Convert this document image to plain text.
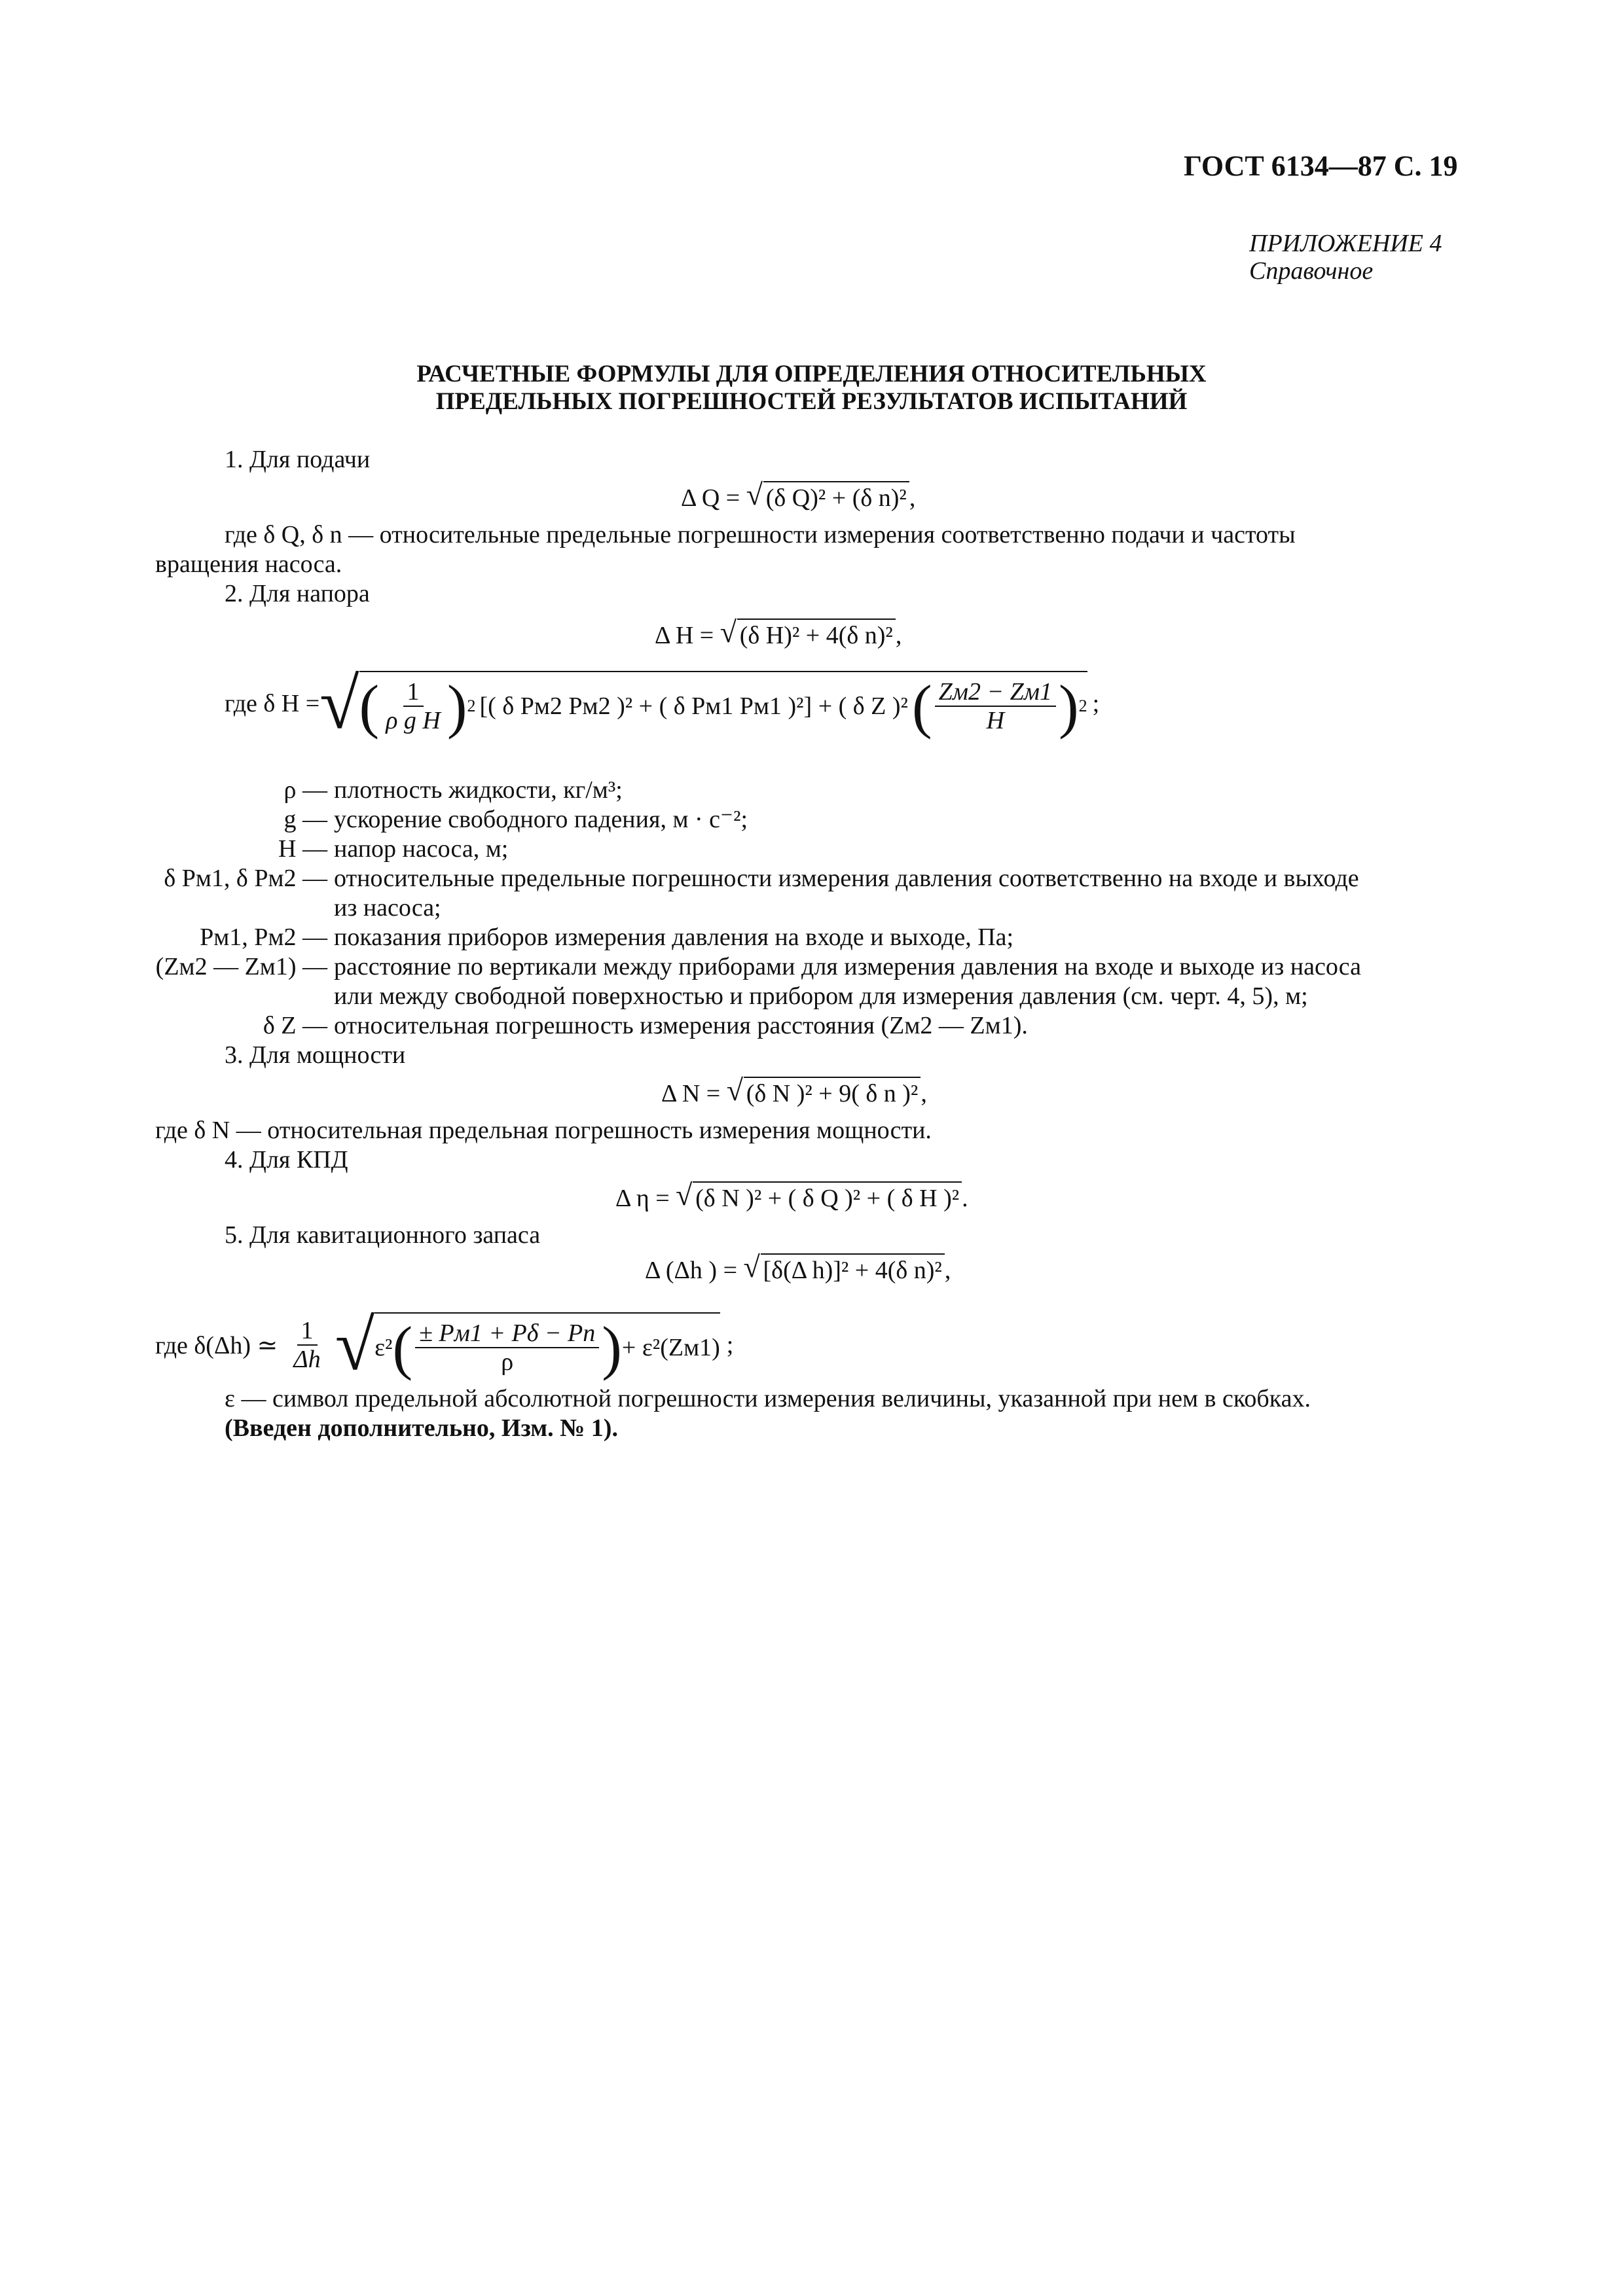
ГОСТ 6134—87 С. 19
ПРИЛОЖЕНИЕ 4
Справочное
РАСЧЕТНЫЕ ФОРМУЛЫ ДЛЯ ОПРЕДЕЛЕНИЯ ОТНОСИТЕЛЬНЫХ
ПРЕДЕЛЬНЫХ ПОГРЕШНОСТЕЙ РЕЗУЛЬТАТОВ ИСПЫТАНИЙ
1. Для подачи
Δ Q = √ (δ Q)² + (δ n)² ,
где δ Q, δ n — относительные предельные погрешности измерения соответственно подачи и частоты
вращения насоса.
2. Для напора
Δ H = √ (δ H)² + 4(δ n)² ,
где δ H = √ ( $\frac{1}{\text{ρ g H}}$ ) 2 [( δ Pм2 Pм2 )² + ( δ Pм1 Pм1 )²] + ( δ Z )² ( $\frac{Zм2 - Zм1}{H}$ ) 2 ;
ρ — плотность жидкости, кг/м³;
g — ускорение свободного падения, м · с⁻²;
H — напор насоса, м;
δ Pм1, δ Pм2 — относительные предельные погрешности измерения давления соответственно на входе и выходе
из насоса;
Pм1, Pм2 — показания приборов измерения давления на входе и выходе, Па;
(Zм2 — Zм1) — расстояние по вертикали между приборами для измерения давления на входе и выходе из насоса
или между свободной поверхностью и прибором для измерения давления (см. черт. 4, 5), м;
δ Z — относительная погрешность измерения расстояния (Zм2 — Zм1).
3. Для мощности
Δ N = √ (δ N )² + 9( δ n )² ,
где δ N — относительная предельная погрешность измерения мощности.
4. Для КПД
Δ η = √ (δ N )² + ( δ Q )² + ( δ H )² .
5. Для кавитационного запаса
Δ (Δh ) = √ [δ(Δ h)]² + 4(δ n)² ,
где δ(Δh) ≃ $\frac{1}{\Delta h}$ √ ε² ( $\frac{\pm Pм1 + P\delta - Pп}{\rho}$ ) + ε²(Zм1) ;
ε — символ предельной абсолютной погрешности измерения величины, указанной при нем в скобках.
(Введен дополнительно, Изм. № 1).
